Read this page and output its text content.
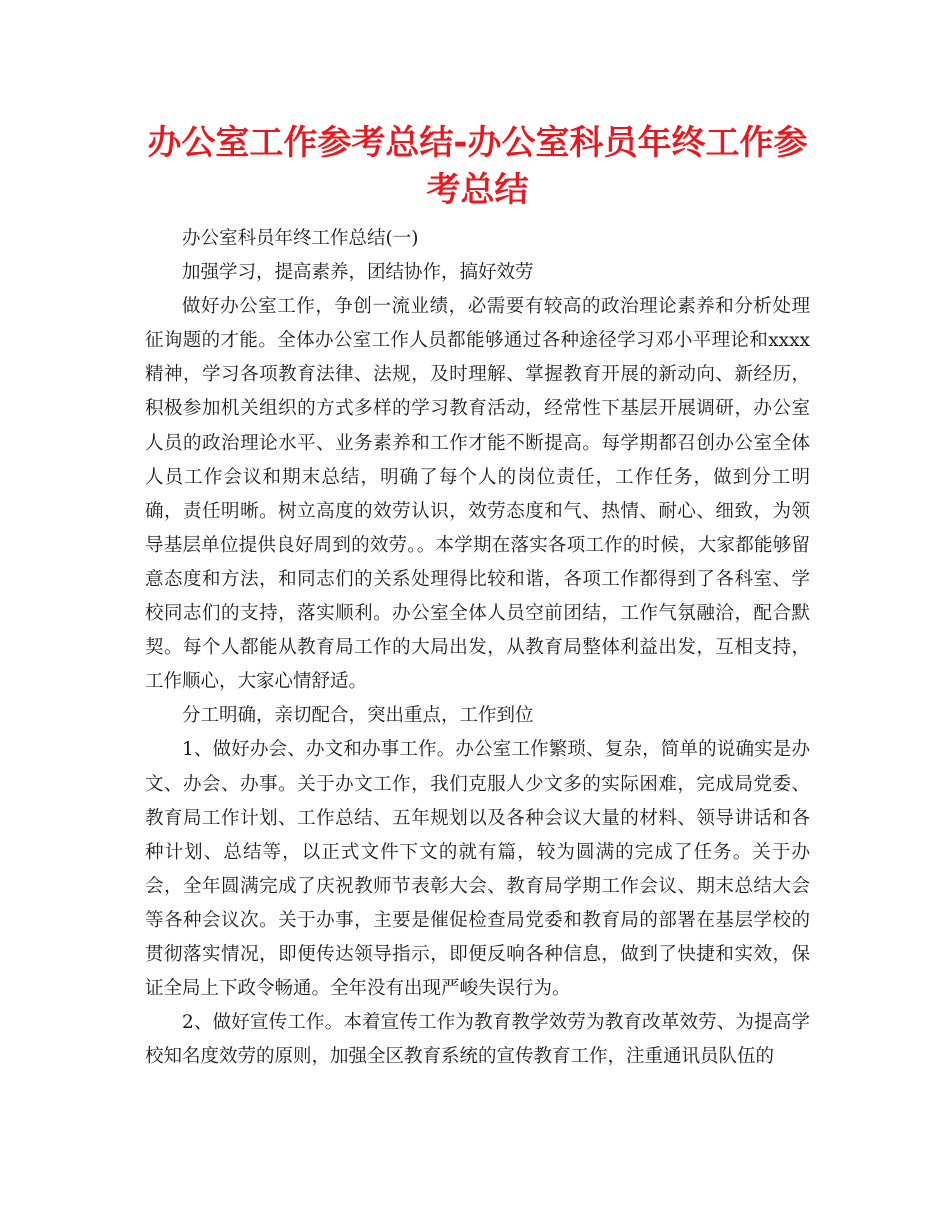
办公室工作参考总结-办公室科员年终工作参考总结

办公室科员年终工作总结(一)

加强学习，提高素养，团结协作，搞好效劳

做好办公室工作，争创一流业绩，必需要有较高的政治理论素养和分析处理征询题的才能。全体办公室工作人员都能够通过各种途径学习邓小平理论和xxxx精神，学习各项教育法律、法规，及时理解、掌握教育开展的新动向、新经历，积极参加机关组织的方式多样的学习教育活动，经常性下基层开展调研，办公室人员的政治理论水平、业务素养和工作才能不断提高。每学期都召创办公室全体人员工作会议和期末总结，明确了每个人的岗位责任，工作任务，做到分工明确，责任明晰。树立高度的效劳认识，效劳态度和气、热情、耐心、细致，为领导基层单位提供良好周到的效劳。。本学期在落实各项工作的时候，大家都能够留意态度和方法，和同志们的关系处理得比较和谐，各项工作都得到了各科室、学校同志们的支持，落实顺利。办公室全体人员空前团结，工作气氛融洽，配合默契。每个人都能从教育局工作的大局出发，从教育局整体利益出发，互相支持，工作顺心，大家心情舒适。

分工明确，亲切配合，突出重点，工作到位

1、做好办会、办文和办事工作。办公室工作繁琐、复杂，简单的说确实是办文、办会、办事。关于办文工作，我们克服人少文多的实际困难，完成局党委、教育局工作计划、工作总结、五年规划以及各种会议大量的材料、领导讲话和各种计划、总结等，以正式文件下文的就有篇，较为圆满的完成了任务。关于办会，全年圆满完成了庆祝教师节表彰大会、教育局学期工作会议、期末总结大会等各种会议次。关于办事，主要是催促检查局党委和教育局的部署在基层学校的贯彻落实情况，即便传达领导指示，即便反响各种信息，做到了快捷和实效，保证全局上下政令畅通。全年没有出现严峻失误行为。

2、做好宣传工作。本着宣传工作为教育教学效劳为教育改革效劳、为提高学校知名度效劳的原则，加强全区教育系统的宣传教育工作，注重通讯员队伍的
